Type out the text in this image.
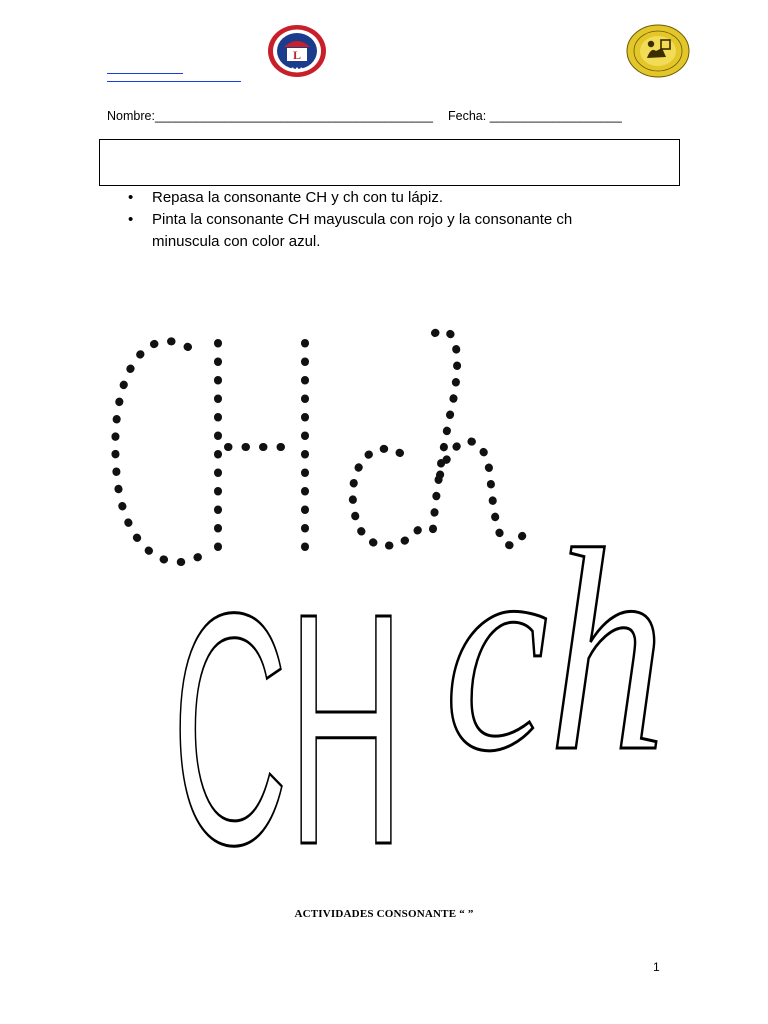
L
● ● ●
Nombre:________________________________________ Fecha: ___________________
• Repasa la consonante CH y ch con tu lápiz.
• Pinta la consonante CH mayuscula con rojo y la consonante ch minuscula con color azul.
CH ch
ACTIVIDADES CONSONANTE “ ”
1
